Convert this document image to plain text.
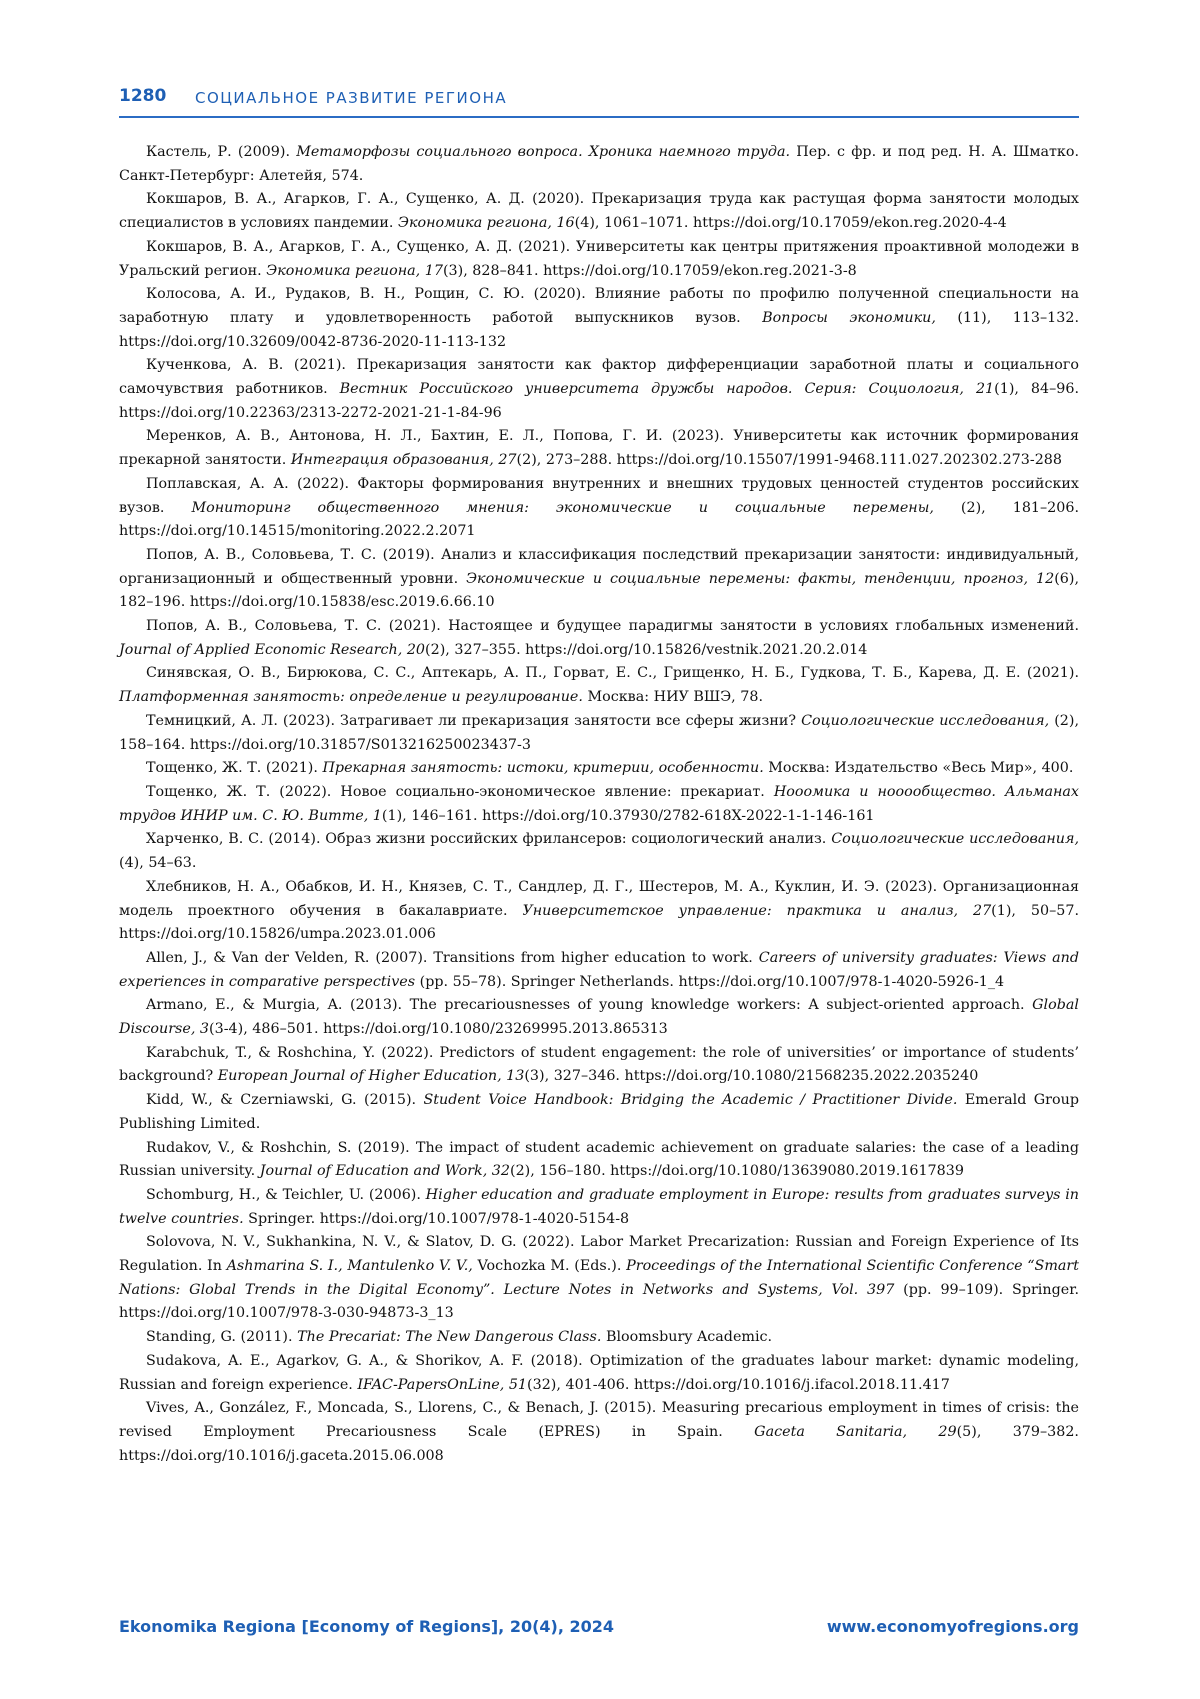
1280 СОЦИАЛЬНОЕ РАЗВИТИЕ РЕГИОНА
Кастель, Р. (2009). Метаморфозы социального вопроса. Хроника наемного труда. Пер. с фр. и под ред. Н. А. Шматко. Санкт-Петербург: Алетейя, 574.
Кокшаров, В. А., Агарков, Г. А., Сущенко, А. Д. (2020). Прекаризация труда как растущая форма занятости молодых специалистов в условиях пандемии. Экономика региона, 16(4), 1061–1071. https://doi.org/10.17059/ekon.reg.2020-4-4
Кокшаров, В. А., Агарков, Г. А., Сущенко, А. Д. (2021). Университеты как центры притяжения проактивной молодежи в Уральский регион. Экономика региона, 17(3), 828–841. https://doi.org/10.17059/ekon.reg.2021-3-8
Колосова, А. И., Рудаков, В. Н., Рощин, С. Ю. (2020). Влияние работы по профилю полученной специальности на заработную плату и удовлетворенность работой выпускников вузов. Вопросы экономики, (11), 113–132. https://doi.org/10.32609/0042-8736-2020-11-113-132
Кученкова, А. В. (2021). Прекаризация занятости как фактор дифференциации заработной платы и социального самочувствия работников. Вестник Российского университета дружбы народов. Серия: Социология, 21(1), 84–96. https://doi.org/10.22363/2313-2272-2021-21-1-84-96
Меренков, А. В., Антонова, Н. Л., Бахтин, Е. Л., Попова, Г. И. (2023). Университеты как источник формирования прекарной занятости. Интеграция образования, 27(2), 273–288. https://doi.org/10.15507/1991-9468.111.027.202302.273-288
Поплавская, А. А. (2022). Факторы формирования внутренних и внешних трудовых ценностей студентов российских вузов. Мониторинг общественного мнения: экономические и социальные перемены, (2), 181–206. https://doi.org/10.14515/monitoring.2022.2.2071
Попов, А. В., Соловьева, Т. С. (2019). Анализ и классификация последствий прекаризации занятости: индивидуальный, организационный и общественный уровни. Экономические и социальные перемены: факты, тенденции, прогноз, 12(6), 182–196. https://doi.org/10.15838/esc.2019.6.66.10
Попов, А. В., Соловьева, Т. С. (2021). Настоящее и будущее парадигмы занятости в условиях глобальных изменений. Journal of Applied Economic Research, 20(2), 327–355. https://doi.org/10.15826/vestnik.2021.20.2.014
Синявская, О. В., Бирюкова, С. С., Аптекарь, А. П., Горват, Е. С., Грищенко, Н. Б., Гудкова, Т. Б., Карева, Д. Е. (2021). Платформенная занятость: определение и регулирование. Москва: НИУ ВШЭ, 78.
Темницкий, А. Л. (2023). Затрагивает ли прекаризация занятости все сферы жизни? Социологические исследования, (2), 158–164. https://doi.org/10.31857/S013216250023437-3
Тощенко, Ж. Т. (2021). Прекарная занятость: истоки, критерии, особенности. Москва: Издательство «Весь Мир», 400.
Тощенко, Ж. Т. (2022). Новое социально-экономическое явление: прекариат. Нооомика и нооообщество. Альманах трудов ИНИР им. С. Ю. Витте, 1(1), 146–161. https://doi.org/10.37930/2782-618X-2022-1-1-146-161
Харченко, В. С. (2014). Образ жизни российских фрилансеров: социологический анализ. Социологические исследования, (4), 54–63.
Хлебников, Н. А., Обабков, И. Н., Князев, С. Т., Сандлер, Д. Г., Шестеров, М. А., Куклин, И. Э. (2023). Организационная модель проектного обучения в бакалавриате. Университетское управление: практика и анализ, 27(1), 50–57. https://doi.org/10.15826/umpa.2023.01.006
Allen, J., & Van der Velden, R. (2007). Transitions from higher education to work. Careers of university graduates: Views and experiences in comparative perspectives (pp. 55–78). Springer Netherlands. https://doi.org/10.1007/978-1-4020-5926-1_4
Armano, E., & Murgia, A. (2013). The precariousnesses of young knowledge workers: A subject-oriented approach. Global Discourse, 3(3-4), 486–501. https://doi.org/10.1080/23269995.2013.865313
Karabchuk, T., & Roshchina, Y. (2022). Predictors of student engagement: the role of universities’ or importance of students’ background? European Journal of Higher Education, 13(3), 327–346. https://doi.org/10.1080/21568235.2022.2035240
Kidd, W., & Czerniawski, G. (2015). Student Voice Handbook: Bridging the Academic / Practitioner Divide. Emerald Group Publishing Limited.
Rudakov, V., & Roshchin, S. (2019). The impact of student academic achievement on graduate salaries: the case of a leading Russian university. Journal of Education and Work, 32(2), 156–180. https://doi.org/10.1080/13639080.2019.1617839
Schomburg, H., & Teichler, U. (2006). Higher education and graduate employment in Europe: results from graduates surveys in twelve countries. Springer. https://doi.org/10.1007/978-1-4020-5154-8
Solovova, N. V., Sukhankina, N. V., & Slatov, D. G. (2022). Labor Market Precarization: Russian and Foreign Experience of Its Regulation. In Ashmarina S. I., Mantulenko V. V., Vochozka M. (Eds.). Proceedings of the International Scientific Conference “Smart Nations: Global Trends in the Digital Economy”. Lecture Notes in Networks and Systems, Vol. 397 (pp. 99–109). Springer. https://doi.org/10.1007/978-3-030-94873-3_13
Standing, G. (2011). The Precariat: The New Dangerous Class. Bloomsbury Academic.
Sudakova, A. E., Agarkov, G. A., & Shorikov, A. F. (2018). Optimization of the graduates labour market: dynamic modeling, Russian and foreign experience. IFAC-PapersOnLine, 51(32), 401-406. https://doi.org/10.1016/j.ifacol.2018.11.417
Vives, A., González, F., Moncada, S., Llorens, C., & Benach, J. (2015). Measuring precarious employment in times of crisis: the revised Employment Precariousness Scale (EPRES) in Spain. Gaceta Sanitaria, 29(5), 379–382. https://doi.org/10.1016/j.gaceta.2015.06.008
Ekonomika Regiona [Economy of Regions], 20(4), 2024	www.economyofregions.org
